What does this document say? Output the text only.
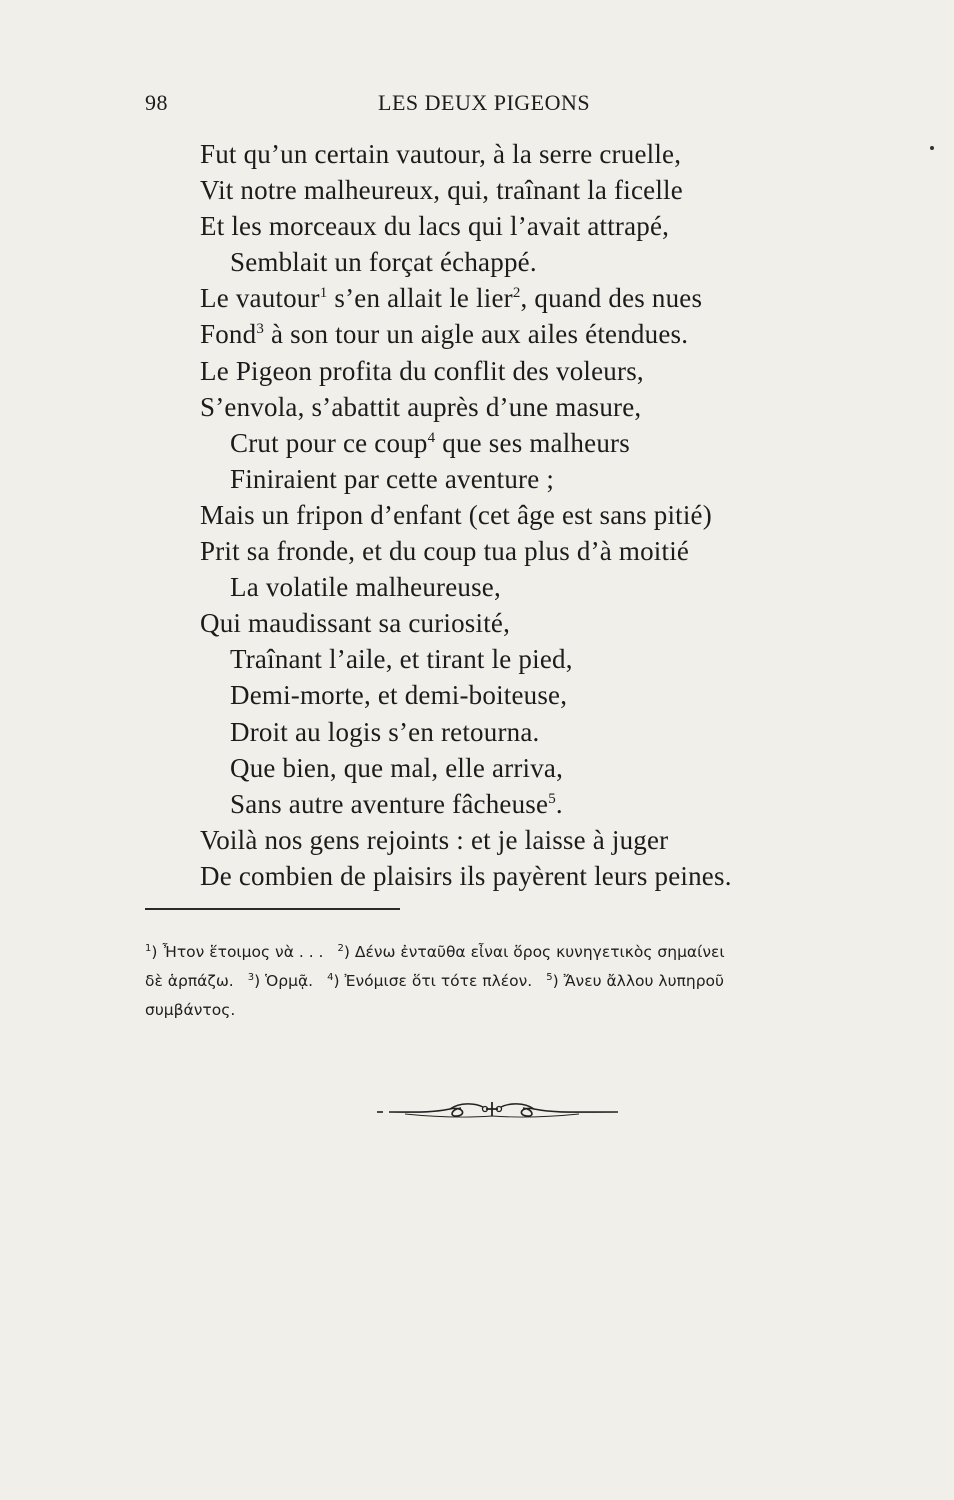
98	LES DEUX PIGEONS
Fut qu’un certain vautour, à la serre cruelle,
Vit notre malheureux, qui, traînant la ficelle
Et les morceaux du lacs qui l’avait attrapé,
Semblait un forçat échappé.
Le vautour$^1$ s’en allait le lier$^2$, quand des nues
Fond$^3$ à son tour un aigle aux ailes étendues.
Le Pigeon profita du conflit des voleurs,
S’envola, s’abattit auprès d’une masure,
Crut pour ce coup$^4$ que ses malheurs
Finiraient par cette aventure ;
Mais un fripon d’enfant (cet âge est sans pitié)
Prit sa fronde, et du coup tua plus d’à moitié
La volatile malheureuse,
Qui maudissant sa curiosité,
Traînant l’aile, et tirant le pied,
Demi-morte, et demi-boiteuse,
Droit au logis s’en retourna.
Que bien, que mal, elle arriva,
Sans autre aventure fâcheuse$^5$.
Voilà nos gens rejoints : et je laisse à juger
De combien de plaisirs ils payèrent leurs peines.
$^1$) Ἦτον ἕτοιμος νὰ . . . $^2$) Δένω ἐνταῦθα εἶναι ὅρος κυνηγετικὸς σημαίνει
δὲ ἁρπάζω. $^3$) Ὁρμᾷ. $^4$) Ἐνόμισε ὅτι τότε πλέον. $^5$) Ἄνευ ἄλλου λυπηροῦ
συμβάντος.
